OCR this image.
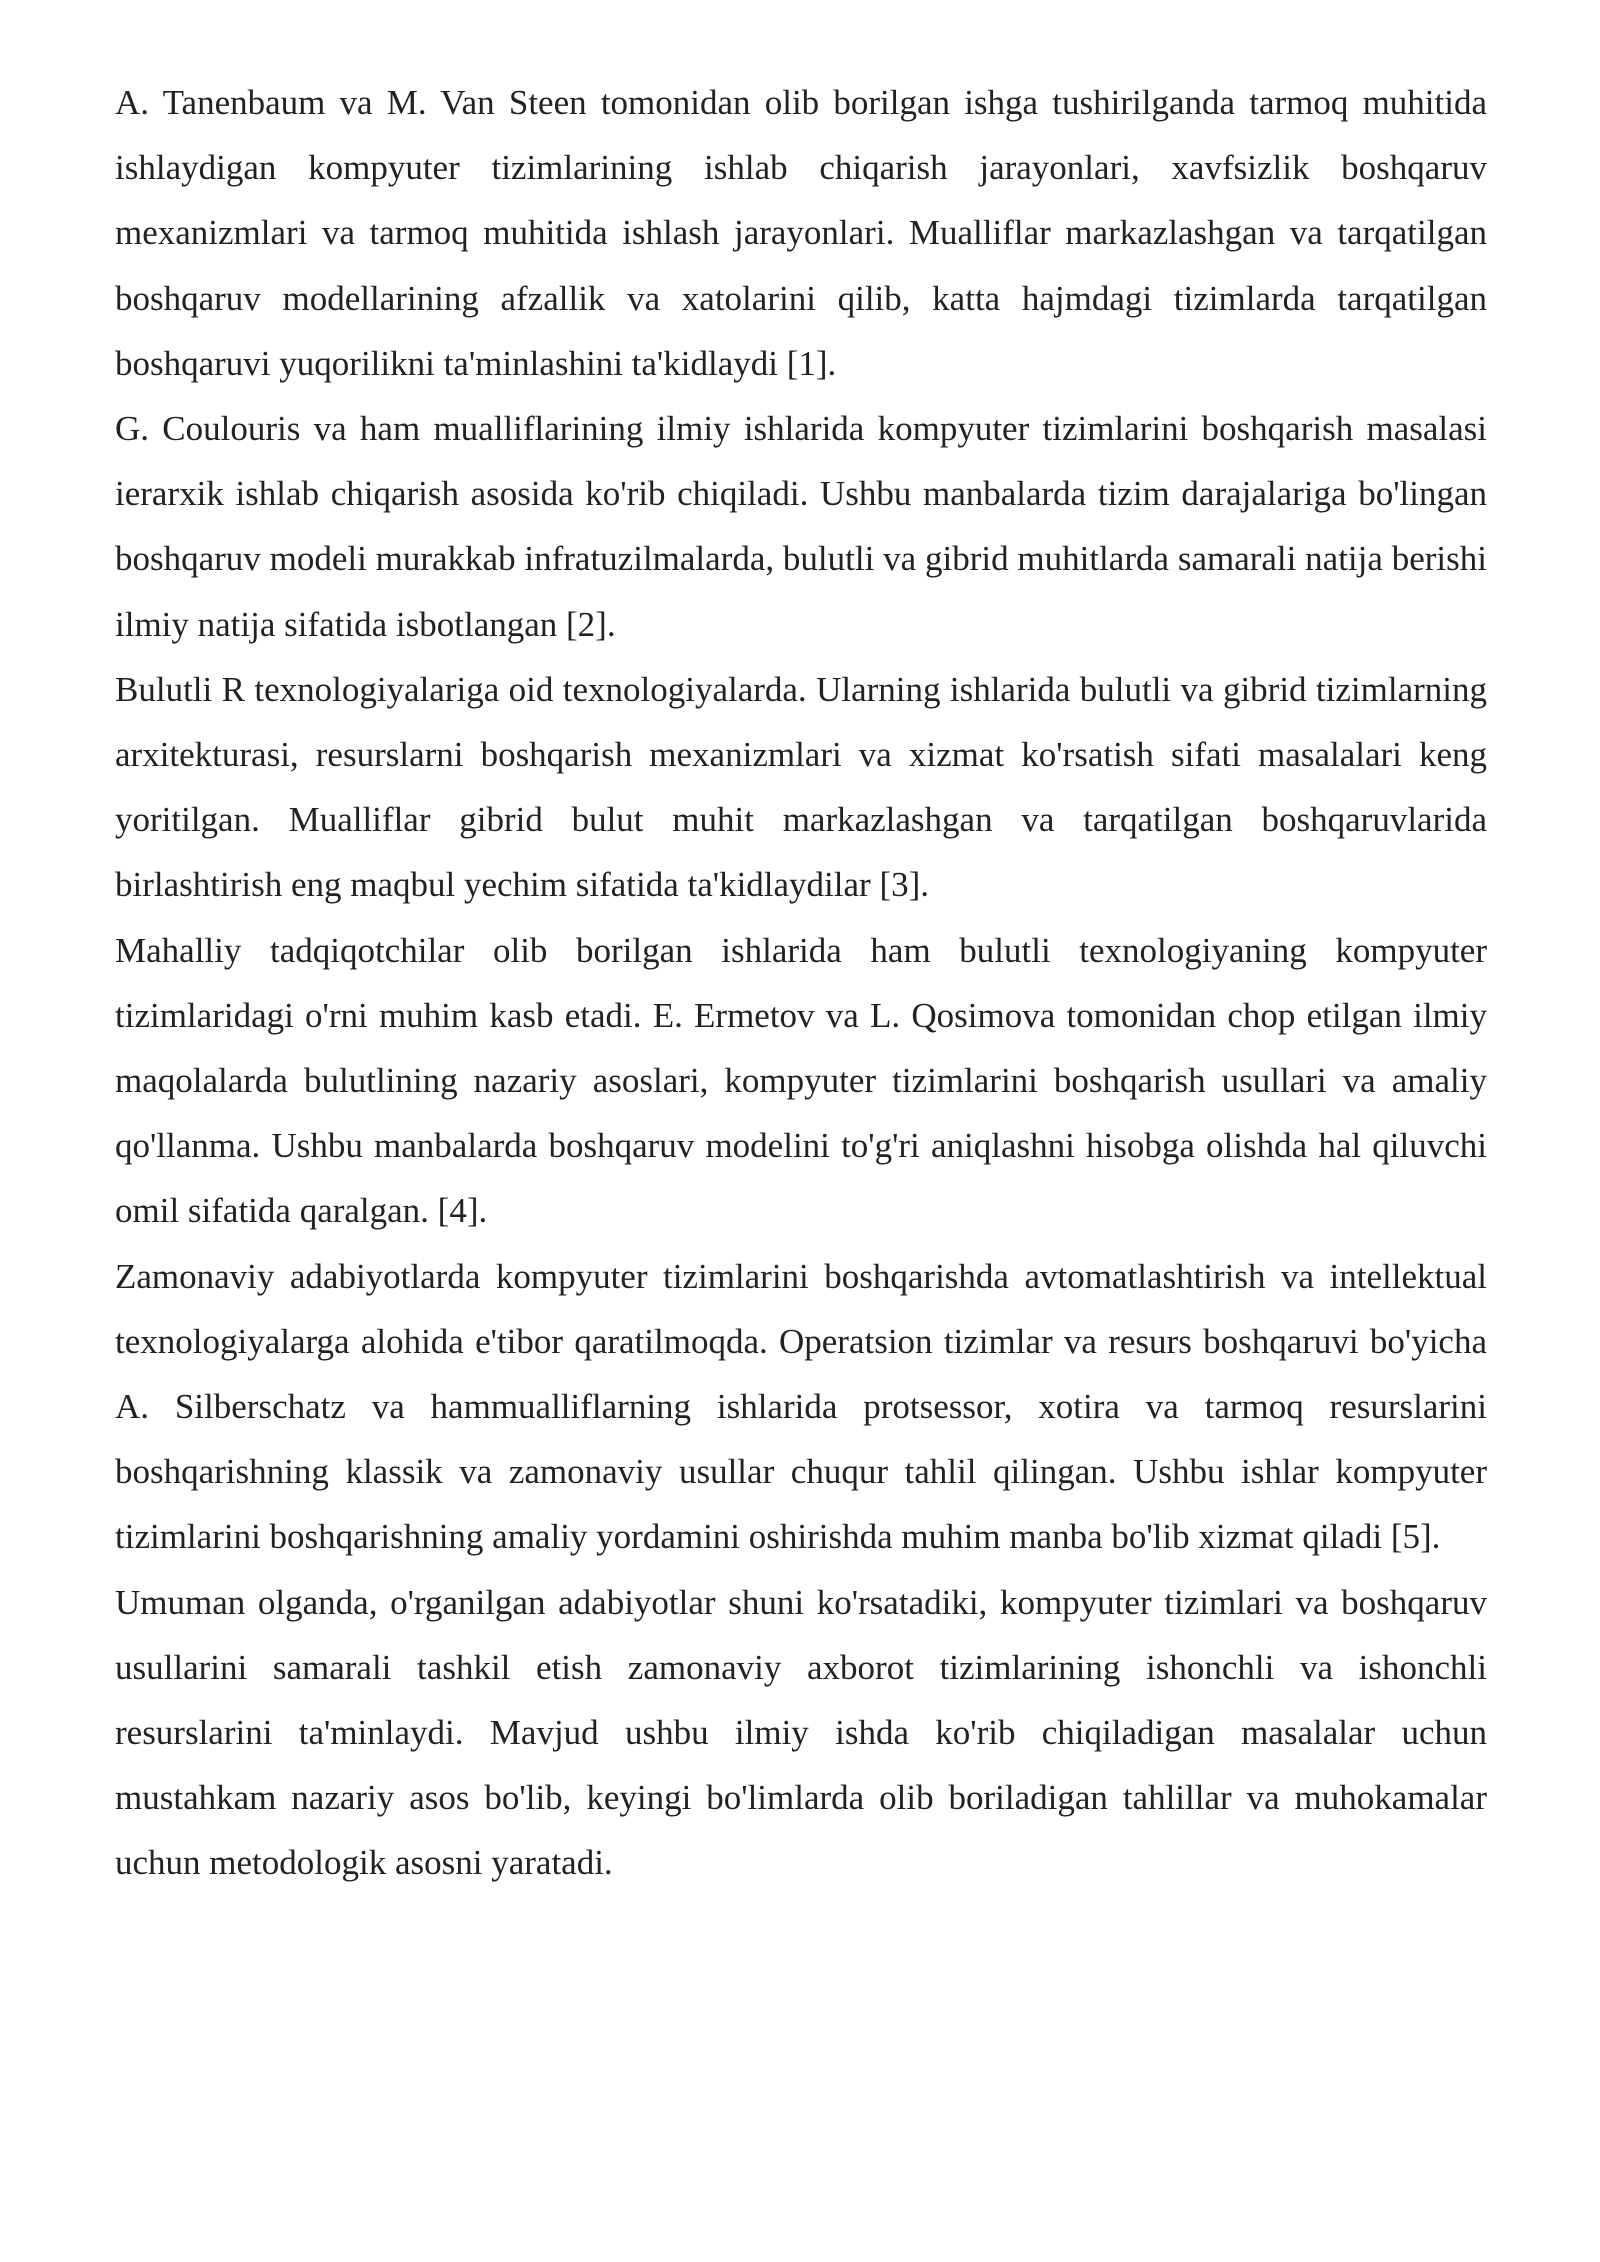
A. Tanenbaum va M. Van Steen tomonidan olib borilgan ishga tushirilganda tarmoq muhitida ishlaydigan kompyuter tizimlarining ishlab chiqarish jarayonlari, xavfsizlik boshqaruv mexanizmlari va tarmoq muhitida ishlash jarayonlari. Mualliflar markazlashgan va tarqatilgan boshqaruv modellarining afzallik va xatolarini qilib, katta hajmdagi tizimlarda tarqatilgan boshqaruvi yuqorilikni ta'minlashini ta'kidlaydi [1].

G. Coulouris va ham mualliflarining ilmiy ishlarida kompyuter tizimlarini boshqarish masalasi ierarxik ishlab chiqarish asosida ko'rib chiqiladi. Ushbu manbalarda tizim darajalariga bo'lingan boshqaruv modeli murakkab infratuzilmalarda, bulutli va gibrid muhitlarda samarali natija berishi ilmiy natija sifatida isbotlangan [2].

Bulutli R texnologiyalariga oid texnologiyalarda. Ularning ishlarida bulutli va gibrid tizimlarning arxitekturasi, resurslarni boshqarish mexanizmlari va xizmat ko'rsatish sifati masalalari keng yoritilgan. Mualliflar gibrid bulut muhit markazlashgan va tarqatilgan boshqaruvlarida birlashtirish eng maqbul yechim sifatida ta'kidlaydilar [3].

Mahalliy tadqiqotchilar olib borilgan ishlarida ham bulutli texnologiyaning kompyuter tizimlaridagi o'rni muhim kasb etadi. E. Ermetov va L. Qosimova tomonidan chop etilgan ilmiy maqolalarda bulutlining nazariy asoslari, kompyuter tizimlarini boshqarish usullari va amaliy qo'llanma. Ushbu manbalarda boshqaruv modelini to'g'ri aniqlashni hisobga olishda hal qiluvchi omil sifatida qaralgan. [4].

Zamonaviy adabiyotlarda kompyuter tizimlarini boshqarishda avtomatlashtirish va intellektual texnologiyalarga alohida e'tibor qaratilmoqda. Operatsion tizimlar va resurs boshqaruvi bo'yicha A. Silberschatz va hammualliflarning ishlarida protsessor, xotira va tarmoq resurslarini boshqarishning klassik va zamonaviy usullar chuqur tahlil qilingan. Ushbu ishlar kompyuter tizimlarini boshqarishning amaliy yordamini oshirishda muhim manba bo'lib xizmat qiladi [5].

Umuman olganda, o'rganilgan adabiyotlar shuni ko'rsatadiki, kompyuter tizimlari va boshqaruv usullarini samarali tashkil etish zamonaviy axborot tizimlarining ishonchli va ishonchli resurslarini ta'minlaydi. Mavjud ushbu ilmiy ishda ko'rib chiqiladigan masalalar uchun mustahkam nazariy asos bo'lib, keyingi bo'limlarda olib boriladigan tahlillar va muhokamalar uchun metodologik asosni yaratadi.
